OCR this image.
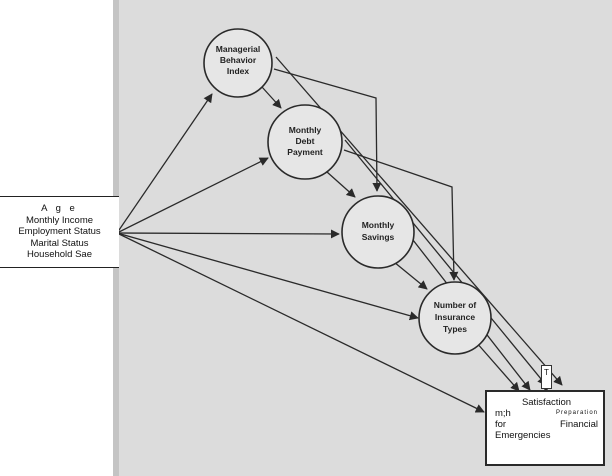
Managerial
Behavior
Index
Monthly
Debt
Payment
Monthly
Savings
Number of
Insurance
Types
A g e
Monthly Income
Employment Status
Marital Status
Household Sae
T
Satisfaction
m;h	Preparation
for	Financial
Emergencies
